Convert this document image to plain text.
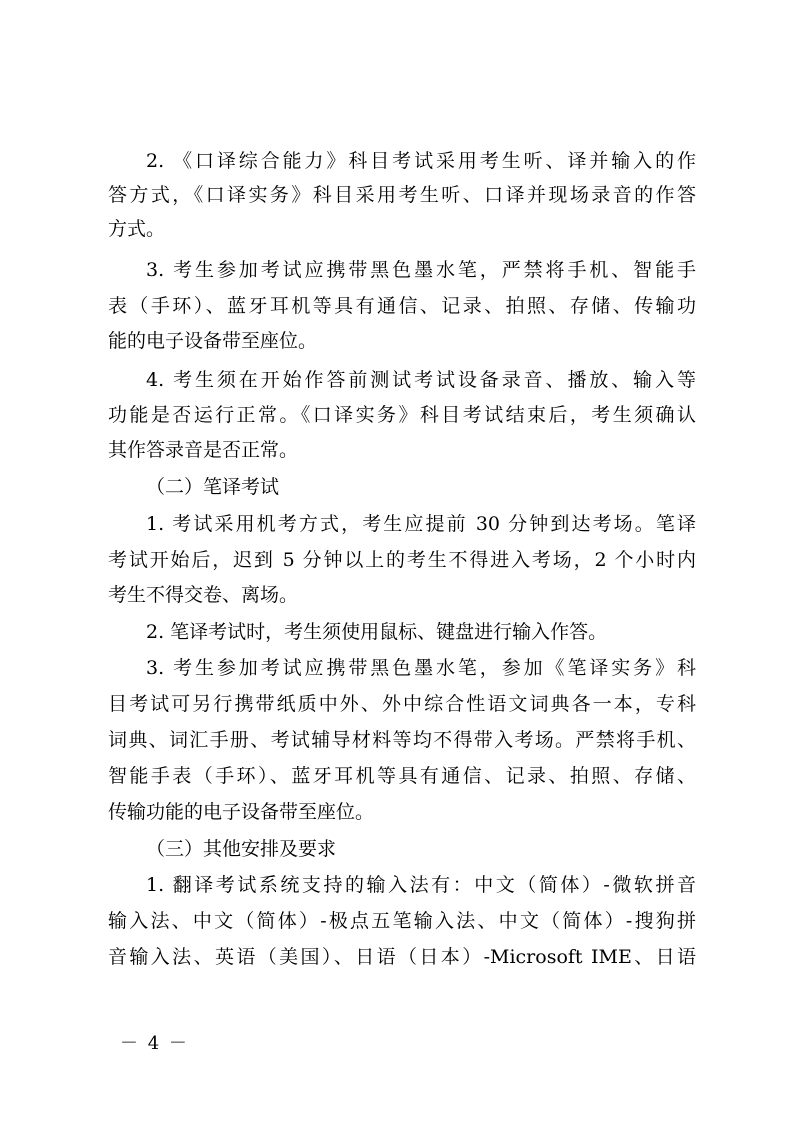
2. 《口译综合能力》科目考试采用考生听、译并输入的作
答方式，《口译实务》科目采用考生听、口译并现场录音的作答
方式。
3. 考生参加考试应携带黑色墨水笔，严禁将手机、智能手
表（手环）、蓝牙耳机等具有通信、记录、拍照、存储、传输功
能的电子设备带至座位。
4. 考生须在开始作答前测试考试设备录音、播放、输入等
功能是否运行正常。《口译实务》科目考试结束后，考生须确认
其作答录音是否正常。
（二）笔译考试
1. 考试采用机考方式，考生应提前 30 分钟到达考场。笔译
考试开始后，迟到 5 分钟以上的考生不得进入考场，2 个小时内
考生不得交卷、离场。
2. 笔译考试时，考生须使用鼠标、键盘进行输入作答。
3. 考生参加考试应携带黑色墨水笔，参加《笔译实务》科
目考试可另行携带纸质中外、外中综合性语文词典各一本，专科
词典、词汇手册、考试辅导材料等均不得带入考场。严禁将手机、
智能手表（手环）、蓝牙耳机等具有通信、记录、拍照、存储、
传输功能的电子设备带至座位。
（三）其他安排及要求
1. 翻译考试系统支持的输入法有：中文（简体）-微软拼音
输入法、中文（简体）-极点五笔输入法、中文（简体）-搜狗拼
音输入法、英语（美国）、日语（日本）-Microsoft IME、日语
－ 4 －
